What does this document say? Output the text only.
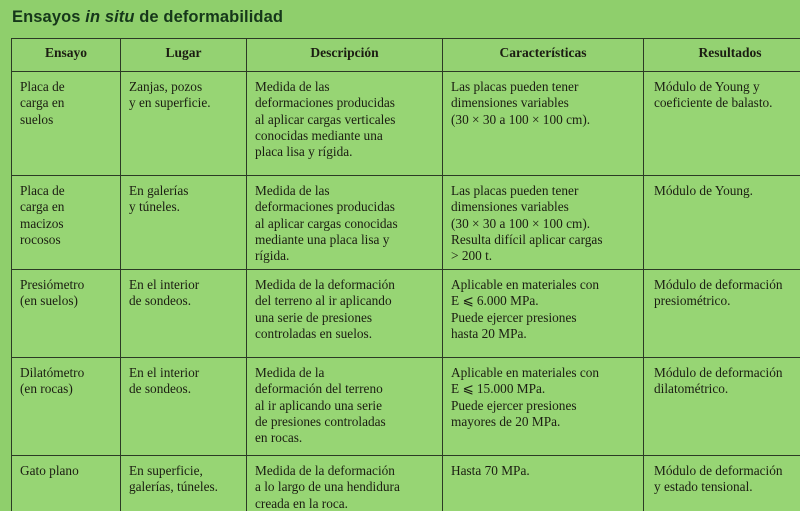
Ensayos in situ de deformabilidad
Ensayo	Lugar	Descripción	Características	Resultados
Placa de
carga en
suelos	Zanjas, pozos
y en superficie.	Medida de las
deformaciones producidas
al aplicar cargas verticales
conocidas mediante una
placa lisa y rígida.	Las placas pueden tener
dimensiones variables
(30 × 30 a 100 × 100 cm).	Módulo de Young y
coeficiente de balasto.
Placa de
carga en
macizos
rocosos	En galerías
y túneles.	Medida de las
deformaciones producidas
al aplicar cargas conocidas
mediante una placa lisa y
rígida.	Las placas pueden tener
dimensiones variables
(30 × 30 a 100 × 100 cm).
Resulta difícil aplicar cargas
> 200 t.	Módulo de Young.
Presiómetro
(en suelos)	En el interior
de sondeos.	Medida de la deformación
del terreno al ir aplicando
una serie de presiones
controladas en suelos.	Aplicable en materiales con
E ⩽ 6.000 MPa.
Puede ejercer presiones
hasta 20 MPa.	Módulo de deformación
presiométrico.
Dilatómetro
(en rocas)	En el interior
de sondeos.	Medida de la
deformación del terreno
al ir aplicando una serie
de presiones controladas
en rocas.	Aplicable en materiales con
E ⩽ 15.000 MPa.
Puede ejercer presiones
mayores de 20 MPa.	Módulo de deformación
dilatométrico.
Gato plano	En superficie,
galerías, túneles.	Medida de la deformación
a lo largo de una hendidura
creada en la roca.	Hasta 70 MPa.	Módulo de deformación
y estado tensional.
